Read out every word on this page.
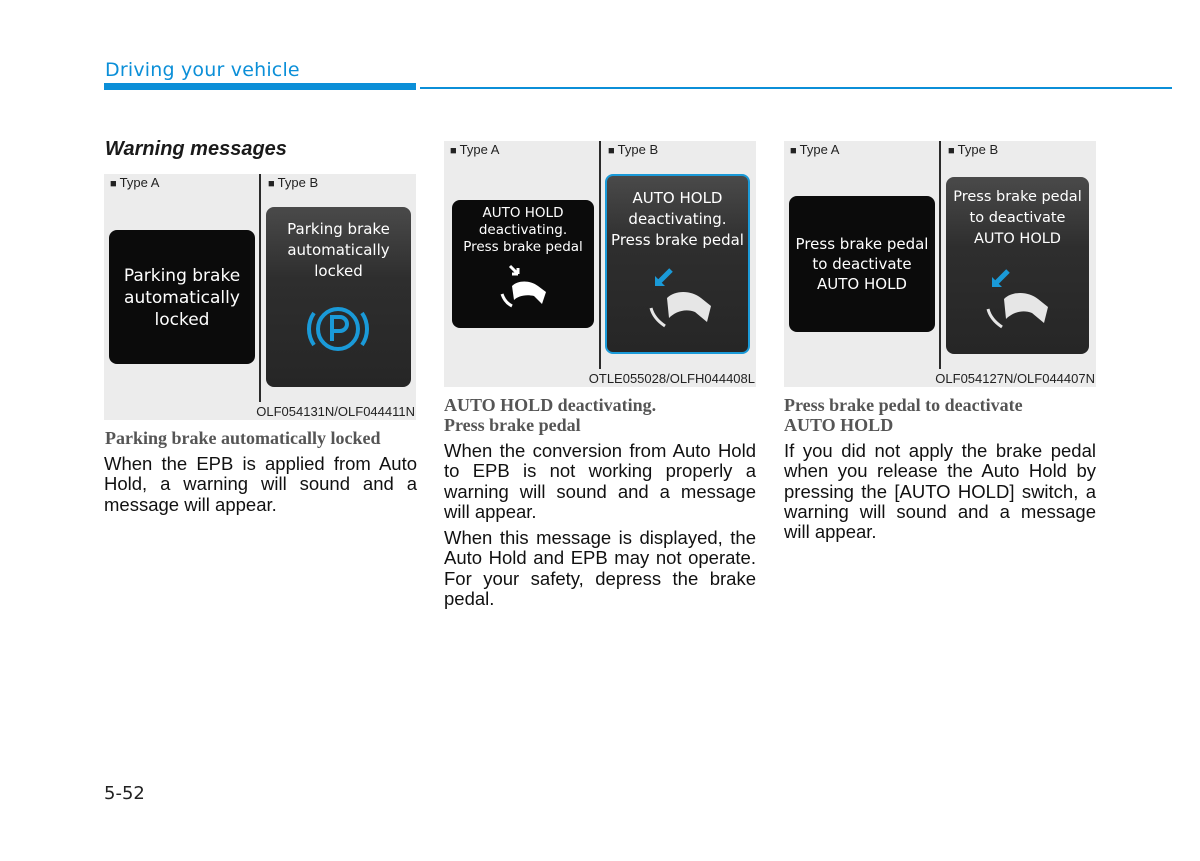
Driving your vehicle
Warning messages
■ Type A	■ Type B
Parking brake
automatically
locked
Parking brake
automatically
locked
OLF054131N/OLF044411N
Parking brake automatically locked

When the EPB is applied from Auto Hold, a warning will sound and a message will appear.

■ Type A	■ Type B
AUTO HOLD
deactivating.
Press brake pedal
AUTO HOLD
deactivating.
Press brake pedal
OTLE055028/OLFH044408L
AUTO HOLD deactivating.
Press brake pedal

When the conversion from Auto Hold to EPB is not working properly a warning will sound and a message will appear.

When this message is displayed, the Auto Hold and EPB may not operate. For your safety, depress the brake pedal.

■ Type A	■ Type B
Press brake pedal
to deactivate
AUTO HOLD
Press brake pedal
to deactivate
AUTO HOLD
OLF054127N/OLF044407N
Press brake pedal to deactivate
AUTO HOLD

If you did not apply the brake pedal when you release the Auto Hold by pressing the [AUTO HOLD] switch, a warning will sound and a message will appear.

5-52
